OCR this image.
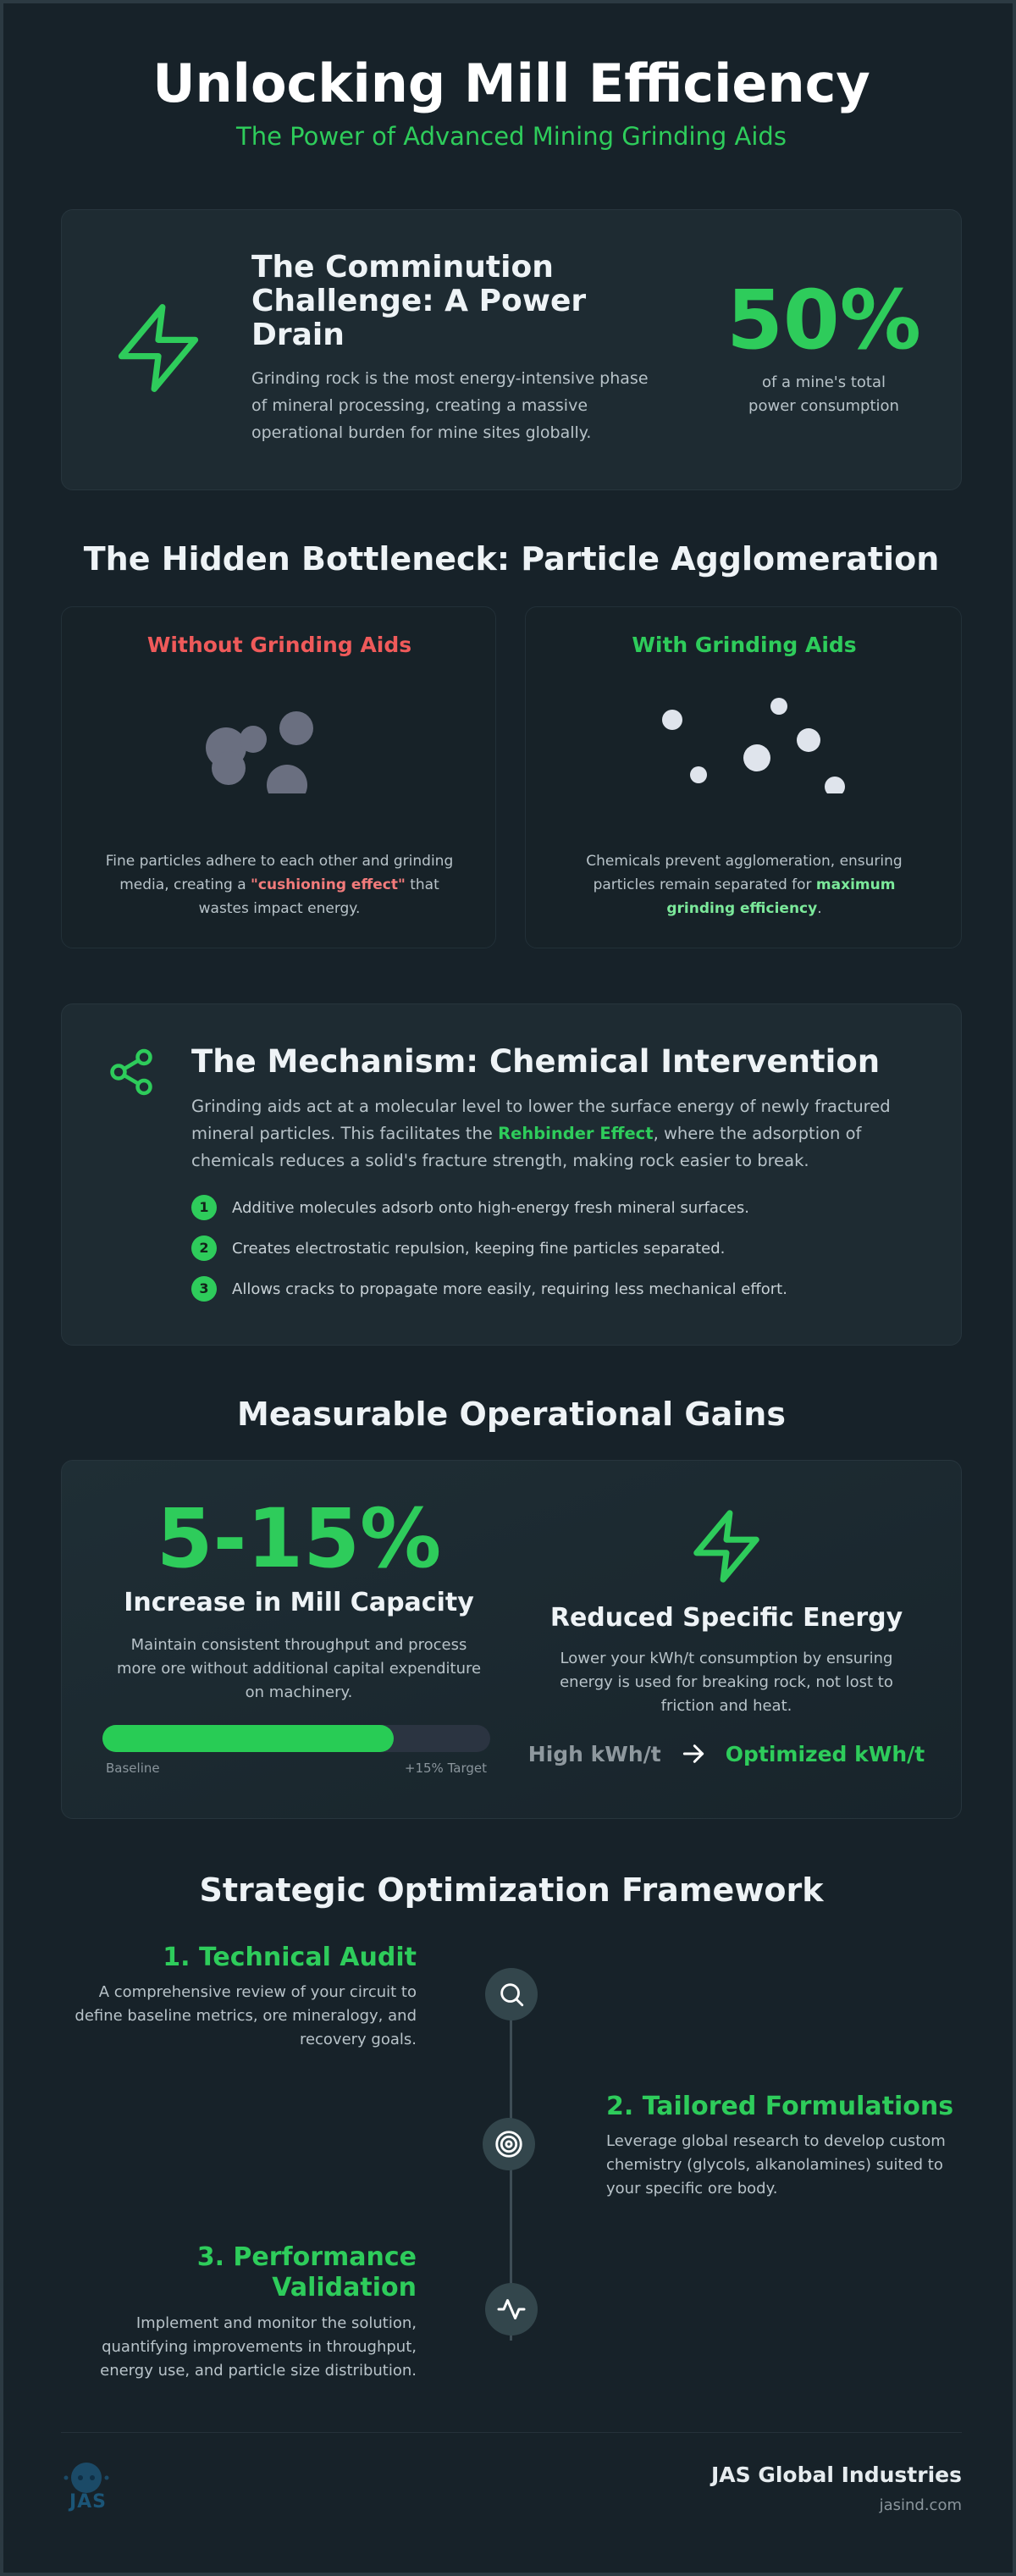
Unlocking Mill Efficiency
The Power of Advanced Mining Grinding Aids
The Comminution
Challenge: A Power
Drain
Grinding rock is the most energy-intensive phase
of mineral processing, creating a massive
operational burden for mine sites globally.
50%
of a mine's total
power consumption
The Hidden Bottleneck: Particle Agglomeration
Without Grinding Aids
Fine particles adhere to each other and grinding
media, creating a "cushioning effect" that
wastes impact energy.
With Grinding Aids
Chemicals prevent agglomeration, ensuring
particles remain separated for maximum
grinding efficiency.
The Mechanism: Chemical Intervention
Grinding aids act at a molecular level to lower the surface energy of newly fractured
mineral particles. This facilitates the Rehbinder Effect, where the adsorption of
chemicals reduces a solid's fracture strength, making rock easier to break.
1	Additive molecules adsorb onto high-energy fresh mineral surfaces.
2	Creates electrostatic repulsion, keeping fine particles separated.
3	Allows cracks to propagate more easily, requiring less mechanical effort.
Measurable Operational Gains
5-15%
Increase in Mill Capacity
Maintain consistent throughput and process
more ore without additional capital expenditure
on machinery.
Baseline	+15% Target
Reduced Specific Energy
Lower your kWh/t consumption by ensuring
energy is used for breaking rock, not lost to
friction and heat.
High kWh/t	Optimized kWh/t
Strategic Optimization Framework
1. Technical Audit
A comprehensive review of your circuit to
define baseline metrics, ore mineralogy, and
recovery goals.
2. Tailored Formulations
Leverage global research to develop custom
chemistry (glycols, alkanolamines) suited to
your specific ore body.
3. Performance
Validation
Implement and monitor the solution,
quantifying improvements in throughput,
energy use, and particle size distribution.
JAS
JAS Global Industries
jasind.com
